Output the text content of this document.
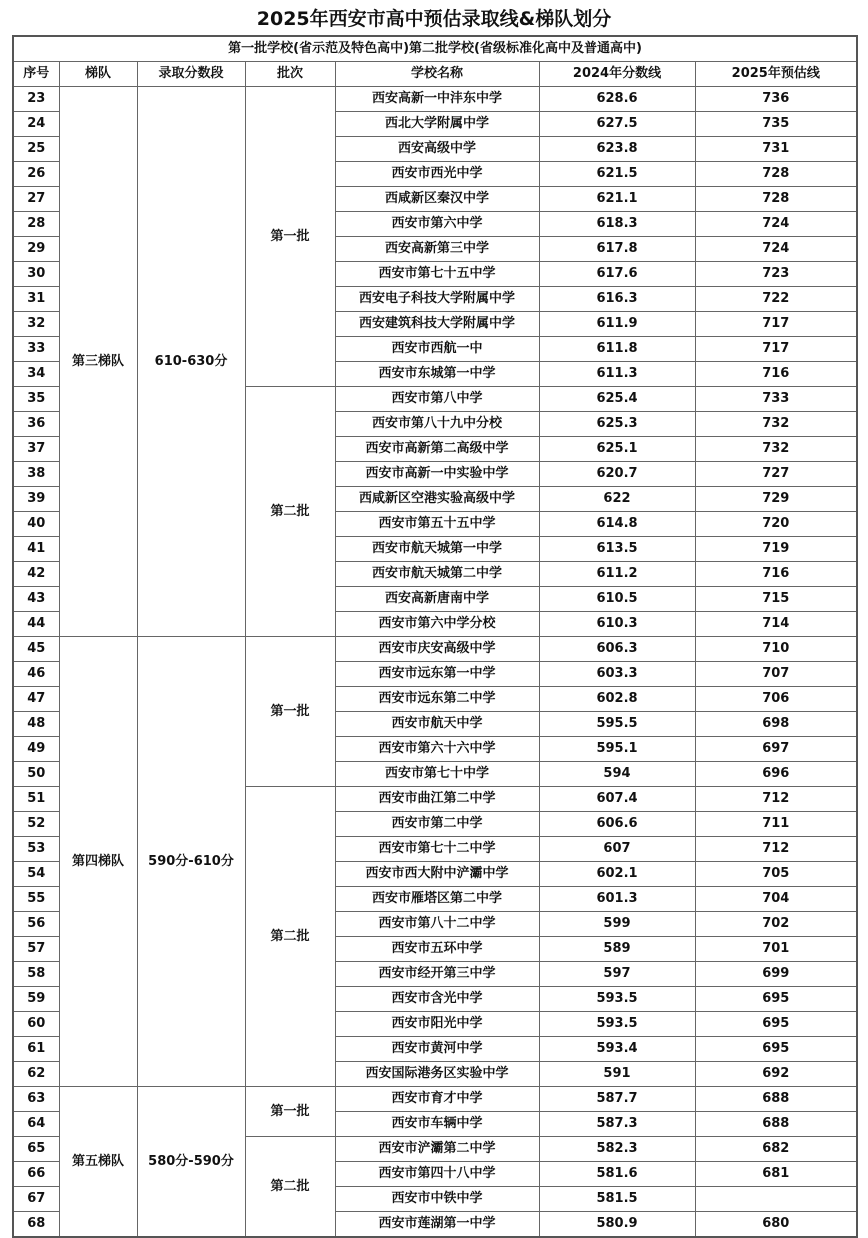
2025年西安市高中预估录取线&梯队划分
第一批学校(省示范及特色高中)第二批学校(省级标准化高中及普通高中)						
序号	梯队	录取分数段	批次	学校名称	2024年分数线	2025年预估线
23	第三梯队	610-630分	第一批	西安高新一中沣东中学	628.6	736
24				西北大学附属中学	627.5	735
25				西安高级中学	623.8	731
26				西安市西光中学	621.5	728
27				西咸新区秦汉中学	621.1	728
28				西安市第六中学	618.3	724
29				西安高新第三中学	617.8	724
30				西安市第七十五中学	617.6	723
31				西安电子科技大学附属中学	616.3	722
32				西安建筑科技大学附属中学	611.9	717
33				西安市西航一中	611.8	717
34				西安市东城第一中学	611.3	716
35			第二批	西安市第八中学	625.4	733
36				西安市第八十九中分校	625.3	732
37				西安市高新第二高级中学	625.1	732
38				西安市高新一中实验中学	620.7	727
39				西咸新区空港实验高级中学	622	729
40				西安市第五十五中学	614.8	720
41				西安市航天城第一中学	613.5	719
42				西安市航天城第二中学	611.2	716
43				西安高新唐南中学	610.5	715
44				西安市第六中学分校	610.3	714
45	第四梯队	590分-610分	第一批	西安市庆安高级中学	606.3	710
46				西安市远东第一中学	603.3	707
47				西安市远东第二中学	602.8	706
48				西安市航天中学	595.5	698
49				西安市第六十六中学	595.1	697
50				西安市第七十中学	594	696
51			第二批	西安市曲江第二中学	607.4	712
52				西安市第二中学	606.6	711
53				西安市第七十二中学	607	712
54				西安市西大附中浐灞中学	602.1	705
55				西安市雁塔区第二中学	601.3	704
56				西安市第八十二中学	599	702
57				西安市五环中学	589	701
58				西安市经开第三中学	597	699
59				西安市含光中学	593.5	695
60				西安市阳光中学	593.5	695
61				西安市黄河中学	593.4	695
62				西安国际港务区实验中学	591	692
63	第五梯队	580分-590分	第一批	西安市育才中学	587.7	688
64				西安市车辆中学	587.3	688
65			第二批	西安市浐灞第二中学	582.3	682
66				西安市第四十八中学	581.6	681
67				西安市中铁中学	581.5	
68				西安市莲湖第一中学	580.9	680
